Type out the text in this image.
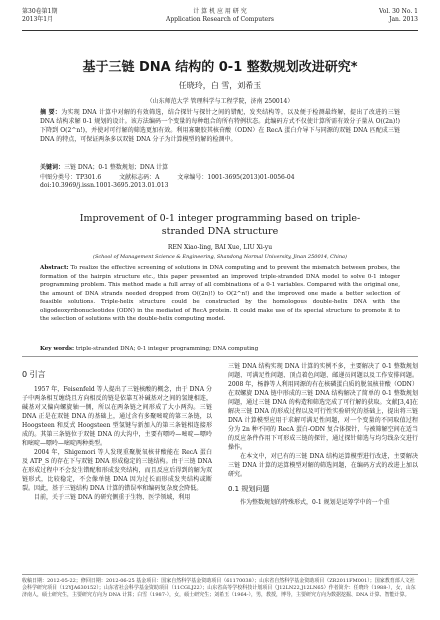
第30卷第1期
2013年1月
计 算 机 应 用 研 究
Application Research of Computers
Vol. 30 No. 1
Jan. 2013
基于三链 DNA 结构的 0-1 整数规划改进研究*
任晓玲，白 雪，刘希玉
（山东师范大学 管理科学与工程学院，济南 250014）
摘 要：为实现 DNA 计算中对解的有效筛选，结合探针与探针之间的错配，发夹结构等，以及便于检测最终解，提出了改进的三链 DNA 结构求解 0-1 规划的设计。该方法编码一个变量的每种组合的所有特例状态。此编码方式不仅使计算所需有效分子量从 O((2n)!) 下降到 O(2^n!)，并使对可行解的筛选更加有效。利用寡聚胶其核苷酸（ODN）在 RecA 蛋白介导下与同源的双链 DNA 匹配成三链 DNA 的特点，可保证两条多以双链 DNA 分子为计算模型的解的检测中。
关键词：三链 DNA；0-1 整数规划；DNA 计算
中图分类号：TP301.6	文献标志码：A	文章编号：1001-3695(2013)01-0056-04
doi:10.3969/j.issn.1001-3695.2013.01.013
Improvement of 0-1 integer programming based on triple-stranded DNA structure
REN Xiao-ling, BAI Xue, LIU Xi-yu
(School of Management Science & Engineering, Shandong Normal University, Jinan 250014, China)
Abstract: To realize the effective screening of solutions in DNA computing and to prevent the mismatch between probes, the formation of the hairpin structure etc., this paper presented an improved triple-stranded DNA model to solve 0-1 integer programming problem. This method made a full array of all combinations of a 0-1 variables. Compared with the original one, the amount of DNA strands needed dropped from O((2n)!) to O(2^n!) and the improved one made a better selection of feasible solutions. Triple-helix structure could be constructed by the homologous double-helix DNA with the oligodeoxyribonucleotides (ODN) in the mediated of RecA protein. It could make use of its special structure to promote it to the selection of solutions with the double-helix computing model.
Key words: triple-stranded DNA; 0-1 integer programming; DNA computing
0 引言

1957 年，Feisenfeld 等人提出了三链核酸的概念，由于 DNA 分子中两条相互缠绕且方向相反的链是依靠互补碱基对之间的氢键相连，碱基对又偏向螺旋轴一侧，所以在两条链之间形成了大小两沟。三链 DNA 正是在双链 DNA 的基础上，通过含有多聚嘧啶的第三条链，以 Hoogsteen 和反式 Hoogsteen 型氢键与新加入的第三条链相连接形成的。其第三条链位于双链 DNA 的大沟中，主要有嘌呤—嘧啶—嘌呤和嘧啶—嘌呤—嘧啶两种类型。

2004 年，Shigemori 等人发现重聚脱氧核苷酸能在 RecA 蛋白及 ATP_S 的存在下与双链 DNA 形成稳定的三链结构。由于三链 DNA 在形成过程中不会发生错配和形成发夹结构，而且反应后得到的解为双链形式，比较稳定，不会像单链 DNA 因为过长而形成发夹结构或断裂。因此，基于三链结构 DNA 计算的错误率和编码复杂度会降低。

目前，关于三链 DNA 的研究侧重于生物、医学领域，利用

三链 DNA 结构实现 DNA 计算的实例不多，主要解决了 0-1 整数规划问题、可满足性问题、顶点着色问题、邮递员问题以及工作安排问题。2008 年，杨静等人利用同源的有在核磷蛋白质的脱氧核苷酸（ODN）在双螺旋 DNA 链中形成的三链 DNA 结构解决了简单的 0-1 整数规划问题，通过三链 DNA 的构造和筛选完成了可行解的获取。文献[3,4]在解决三链 DNA 的形成过程以及可行性实验研究的基础上，提出将三链 DNA 计算模型应用于求解可满足性问题，对一个变量的不同取值过程分为 2n 种不同的 RecA 蛋白-ODN 复合体探针，与被筛解空间在适当的反应条件作用下可形成三链的探针，通过探针筛选与均匀线杂交进行操作。

在本文中，对已有的三链 DNA 结构运算模型进行改进，主要解决三链 DNA 计算的运算模型对解的筛选问题，在编码方式的改进上加以研究。

0.1 规划问题

作为整数规划的特殊形式，0-1 规划是运筹学中的一个重

收稿日期：2012-05-22；修回日期：2012-06-25 基金项目：国家自然科学基金资助项目（61170038）；山东省自然科学基金资助项目（ZR2011FM001）；国家教育部人文社会科学研究项目（12YJA630152）；山东省社会科学基金资助项目（11CGLJ22）；山东省高等学校科技计划项目（J12LN22,J12LN65）作者简介：任晓玲（1988-），女，山东济南人，硕士研究生，主要研究方向为 DNA 计算；白雪（1987-），女，硕士研究生；刘希玉（1964-），男，教授，博导，主要研究方向为数据挖掘、DNA 计算、智能计算。
